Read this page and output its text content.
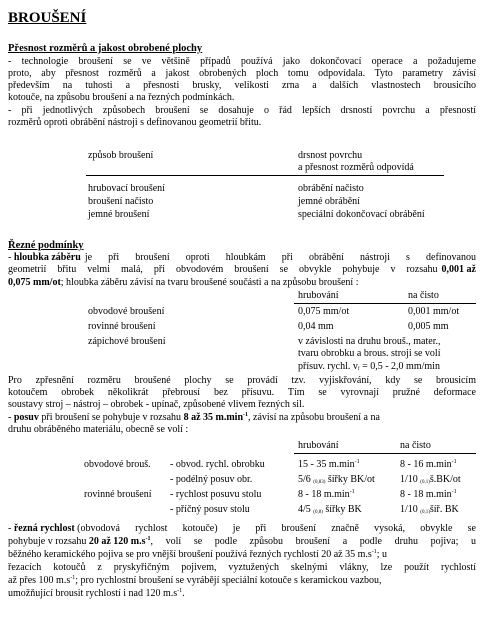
BROUŠENÍ
Přesnost rozměrů a jakost obrobené plochy
- technologie broušení se ve většině případů používá jako dokončovací operace a požadujeme
proto, aby přesnost rozměrů a jakost obrobených ploch tomu odpovídala. Tyto parametry závisí
především na tuhosti a přesnosti brusky, velikosti zrna a dalších vlastnostech brousicího
kotouče, na způsobu broušení a na řezných podmínkách.
- při jednotlivých způsobech broušení se dosahuje o řád lepších drsností povrchu a přesností
rozměrů oproti obrábění nástroji s definovanou geometrií břitu.
způsob broušení	drsnost povrchu
a přesnost rozměrů odpovídá
hrubovací broušení	obrábění načisto
broušení načisto	jemné obrábění
jemné broušení	speciální dokončovací obrábění
Řezné podmínky
- hloubka záběru je při broušení oproti hloubkám při obrábění nástroji s definovanou
geometrií břitu velmi malá, při obvodovém broušení se obvykle pohybuje v rozsahu 0,001 až
0,075 mm/ot; hloubka záběru závisí na tvaru broušené součásti a na způsobu broušení :
hrubování	na čisto
obvodové broušení	0,075 mm/ot	0,001 mm/ot
rovinné broušení	0,04 mm	0,005 mm
zápichové broušení	v závislosti na druhu brouš., mater.,
tvaru obrobku a brous. stroji se volí
přísuv. rychl. $v_f = 0,5 - 2,0$ mm/min
Pro zpřesnění rozměru broušené plochy se provádí tzv. vyjiskřování, kdy se brousicím
kotoučem obrobek několikrát přebrousí bez přísuvu. Tím se vyrovnají pružné deformace
soustavy stroj – nástroj – obrobek - upínač, způsobené vlivem řezných sil.
- posuv
při broušení se pohybuje v rozsahu
8 až 35 $m.\min^{-1}$ , závisí na způsobu broušení a na
druhu obráběného materiálu, obecně se volí :
hrubování	na čisto
obvodové brouš. - obvod. rychl. obrobku	15 - 35 $m.\min^{-1}$	8 - 16 $m.\min^{-1}$
- podélný posuv obr.	5/6 $_{(0,83)}$ šířky BK/ot	1/10 $_{(0,1)}$š.BK/ot
rovinné broušení - rychlost posuvu stolu	8 - 18 $m.\min^{-1}$	8 - 18 $m.\min^{-1}$
- příčný posuv stolu	4/5 $_{(0,8)}$ šířky BK	1/10 $_{(0,1)}$šíř. BK
- řezná rychlost
(obvodová rychlost kotouče) je při broušení značně vysoká, obvykle se
pohybuje v rozsahu
20 až 120 $m.s^{-1}$ , volí se podle způsobu broušení a podle druhu pojiva; u
běžného keramického pojiva se pro vnější broušení používá řezných rychlostí 20 až 35 $m.s^{-1}$; u
řezacích kotoučů z pryskyřičným pojivem, vyztužených skelnými vlákny, lze použít rychlostí
až přes 100 $m.s^{-1}$; pro rychlostní broušení se vyrábějí speciální kotouče s keramickou vazbou,
umožňující brousit rychlostí i nad 120 $m.s^{-1}$.
